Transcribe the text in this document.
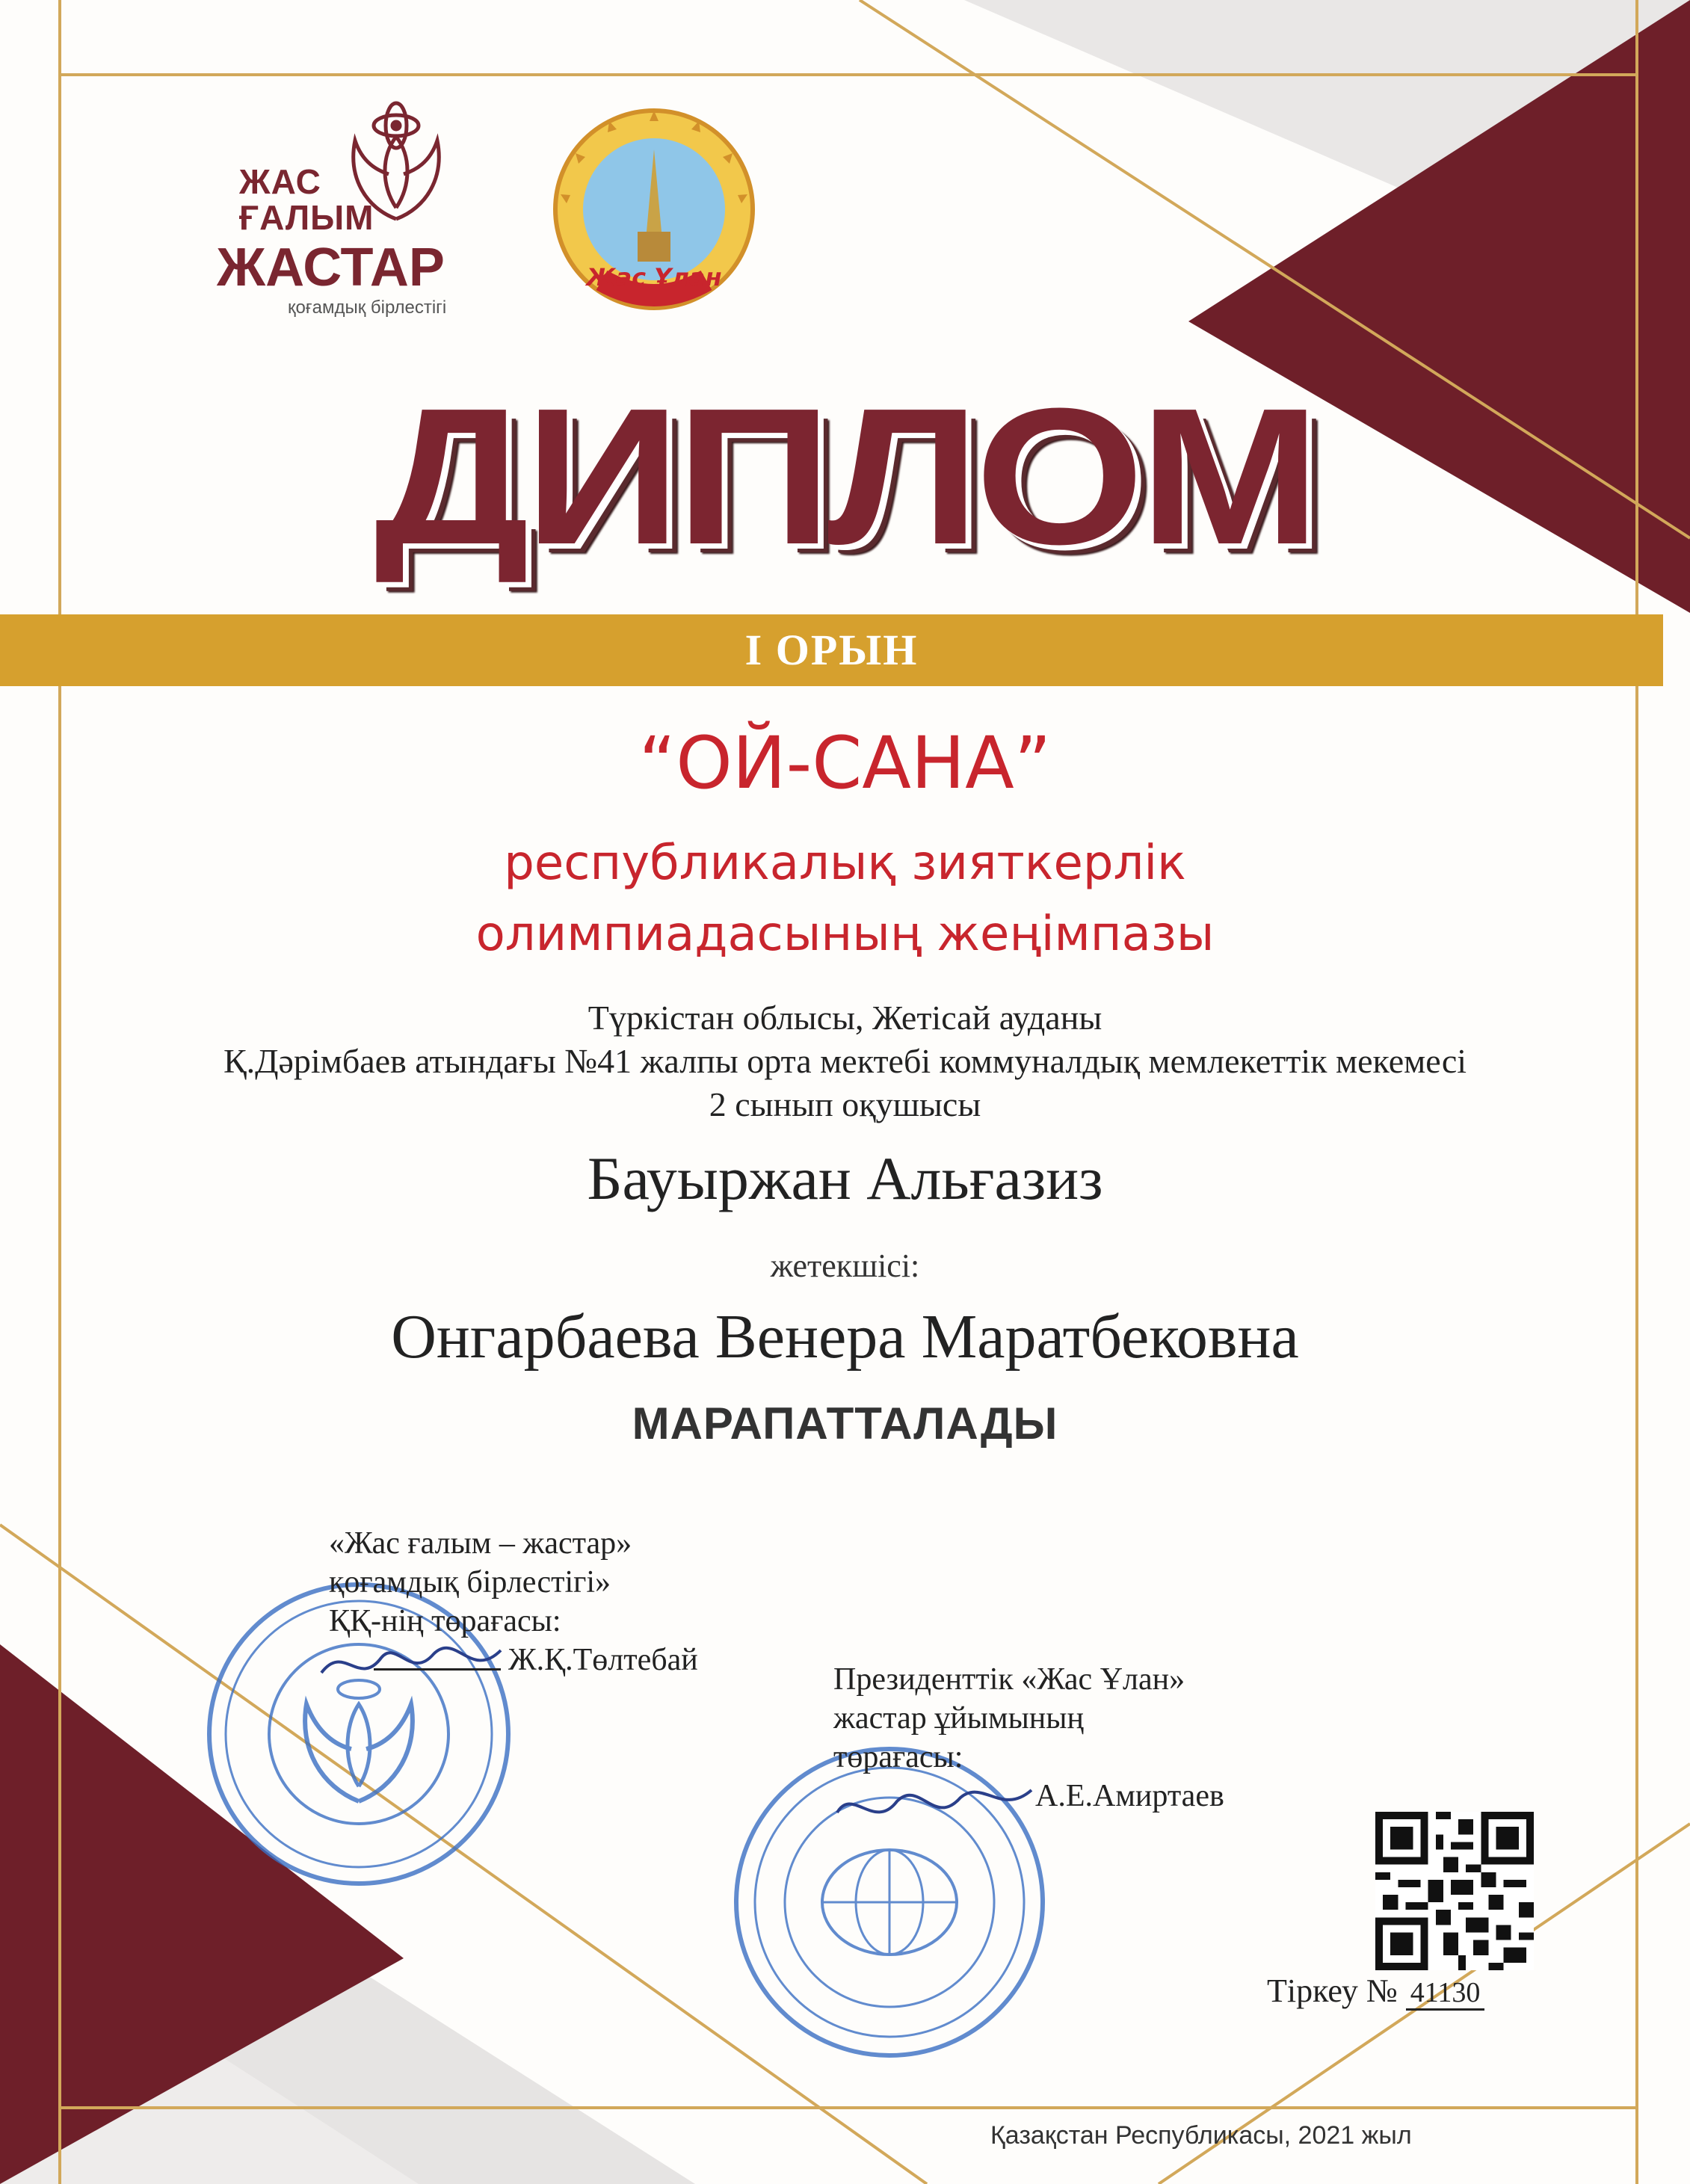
ЖАС
ҒАЛЫМ
ЖАСТАР
қоғамдық бірлестігі
Жас Ұлан
ДИПЛОМ
I ОРЫН
“ОЙ-САНА”
республикалық зияткерлік
олимпиадасының жеңімпазы
Түркістан облысы, Жетісай ауданы
Қ.Дәрімбаев атындағы №41 жалпы орта мектебі коммуналдық мемлекеттік мекемесі
2 сынып оқушысы
Бауыржан Альғазиз
жетекшісі:
Онгарбаева Венера Маратбековна
МАРАПАТТАЛАДЫ
«Жас ғалым – жастар»
қоғамдық бірлестігі»
ҚҚ-нің төрағасы:
Ж.Қ.Төлтебай
Президенттік «Жас Ұлан»
жастар ұйымының
төрағасы:
А.Е.Амиртаев
Тіркеу № 41130
Қазақстан Республикасы, 2021 жыл
